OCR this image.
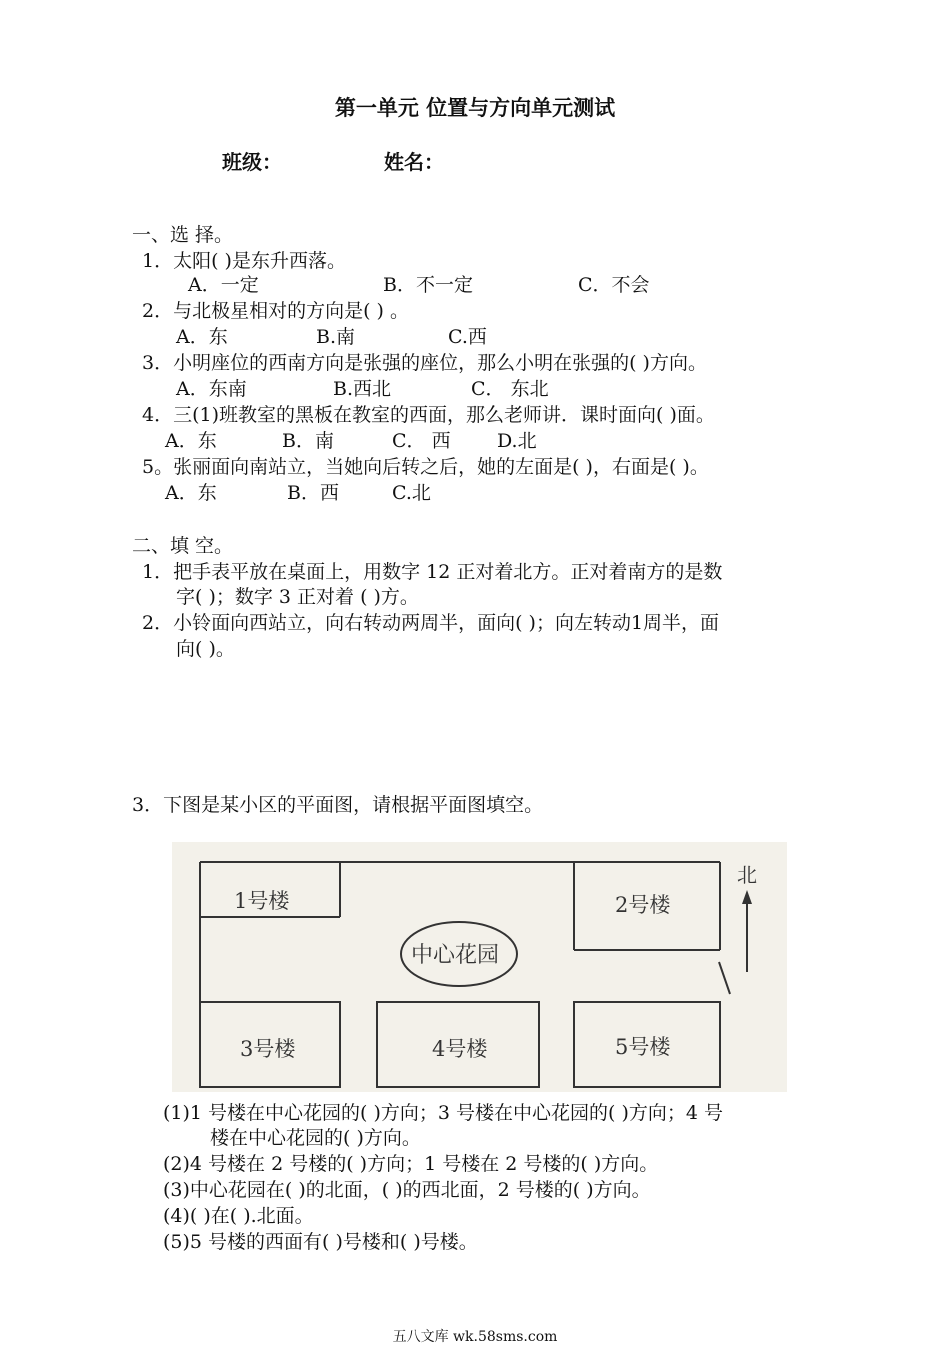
第一单元 位置与方向单元测试
班级：	姓名：
一、选 择。
1．太阳( )是东升西落。
A．一定	B．不一定	C．不会
2．与北极星相对的方向是( ) 。
A．东	B.南	C.西
3．小明座位的西南方向是张强的座位，那么小明在张强的( )方向。
A．东南	B.西北	C． 东北
4．三(1)班教室的黑板在教室的西面，那么老师讲．课时面向( )面。
A．东	B．南	C． 西 D.北
5。张丽面向南站立，当她向后转之后，她的左面是( )，右面是( )。
A．东	B．西	C.北
二、填 空。
1．把手表平放在桌面上，用数字 12 正对着北方。正对着南方的是数
字( )；数字 3 正对着 ( )方。
2．小铃面向西站立，向右转动两周半，面向( )；向左转动1周半，面
向( )。
3．下图是某小区的平面图，请根据平面图填空。
1号楼	2号楼
中心花园
3号楼	4号楼	5号楼
北
(1)1 号楼在中心花园的( )方向；3 号楼在中心花园的( )方向；4 号
楼在中心花园的( )方向。
(2)4 号楼在 2 号楼的( )方向；1 号楼在 2 号楼的( )方向。
(3)中心花园在( )的北面，( )的西北面，2 号楼的( )方向。
(4)( )在( ).北面。
(5)5 号楼的西面有( )号楼和( )号楼。
五八文库 wk.58sms.com
